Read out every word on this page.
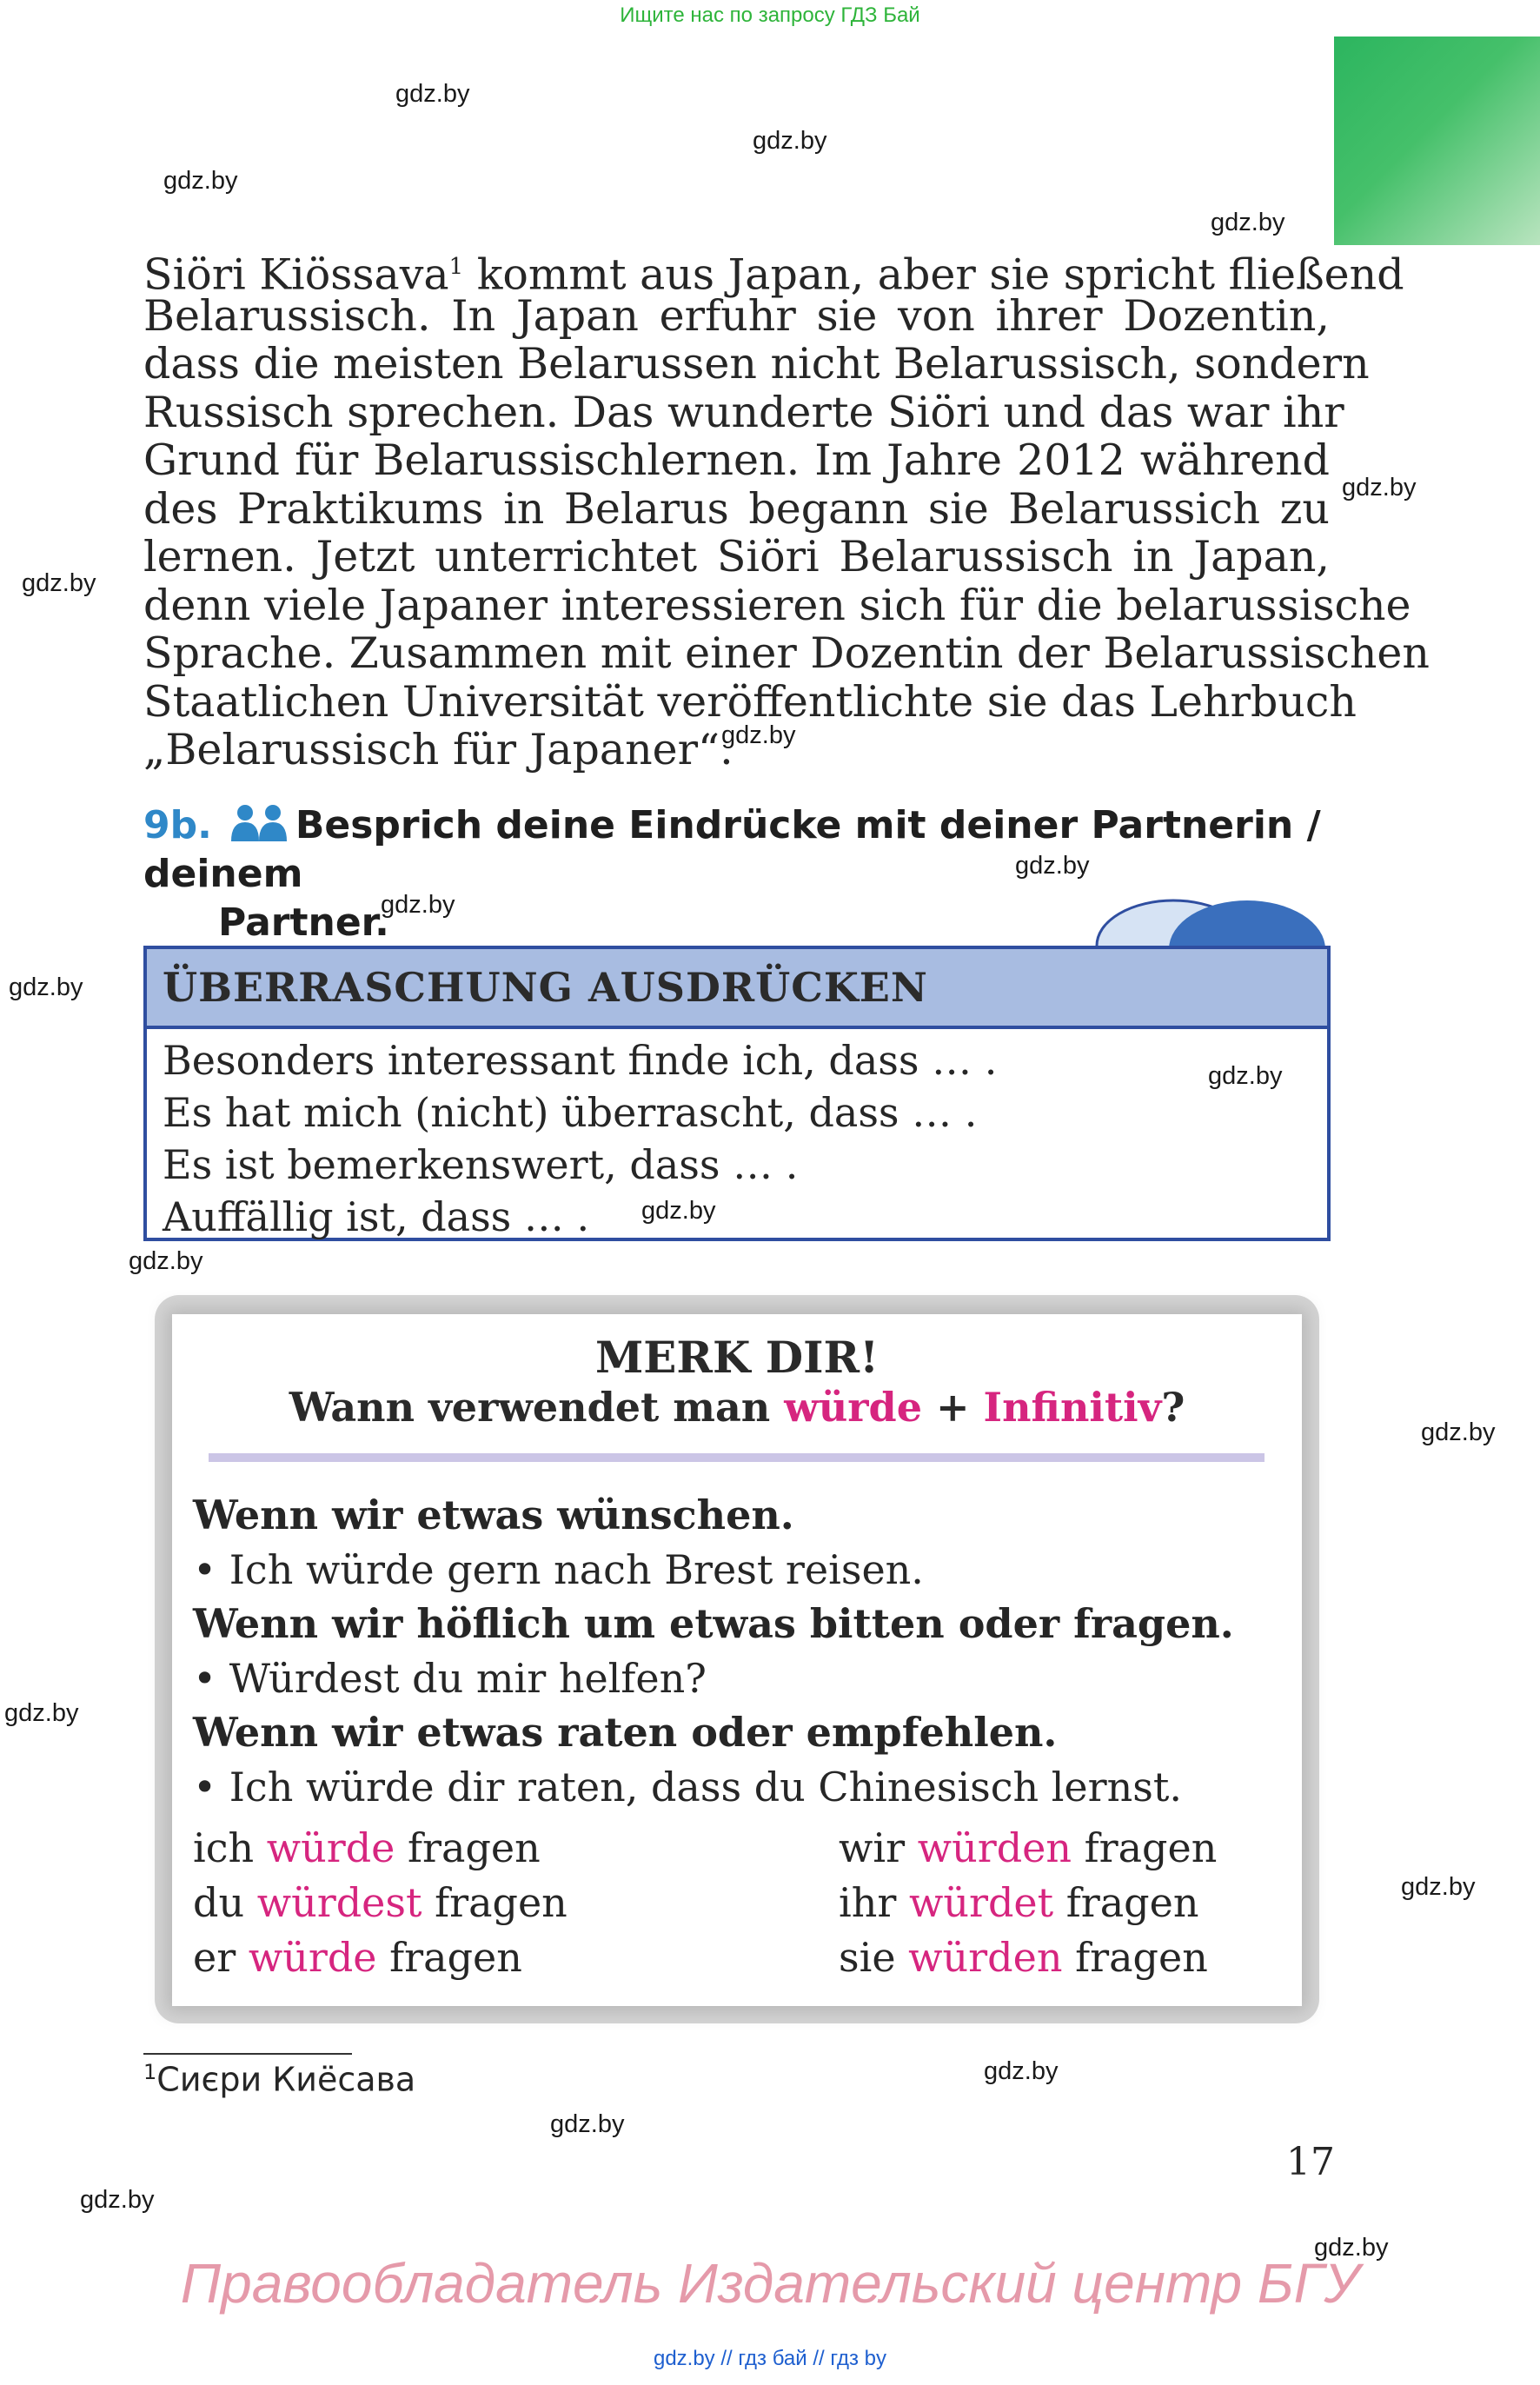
Ищите нас по запросу ГДЗ Бай
gdz.by
gdz.by
gdz.by
gdz.by
gdz.by
gdz.by
gdz.by
gdz.by
gdz.by
gdz.by
gdz.by
gdz.by
gdz.by
gdz.by
gdz.by
gdz.by
gdz.by
gdz.by
gdz.by
gdz.by
Siöri Kiössava$^1$ kommt aus Japan, aber sie spricht fließend
Belarussisch. In Japan erfuhr sie von ihrer Dozentin,
dass die meisten Belarussen nicht Belarussisch, sondern
Russisch sprechen. Das wunderte Siöri und das war ihr
Grund für Belarussischlernen. Im Jahre 2012 während
des Praktikums in Belarus begann sie Belarussich zu
lernen. Jetzt unterrichtet Siöri Belarussisch in Japan,
denn viele Japaner interessieren sich für die belarussische
Sprache. Zusammen mit einer Dozentin der Belarussischen
Staatlichen Universität veröffentlichte sie das Lehrbuch
„Belarussisch für Japaner“.
9b. Besprich deine Eindrücke mit deiner Partnerin / deinem
Partner.
ÜBERRASCHUNG AUSDRÜCKEN
Besonders interessant finde ich, dass … .
Es hat mich (nicht) überrascht, dass … .
Es ist bemerkenswert, dass … .
Auffällig ist, dass … .
MERK DIR!
Wann verwendet man würde + Infinitiv?
Wenn wir etwas wünschen.
• Ich würde gern nach Brest reisen.
Wenn wir höflich um etwas bitten oder fragen.
• Würdest du mir helfen?
Wenn wir etwas raten oder empfehlen.
• Ich würde dir raten, dass du Chinesisch lernst.
ich würde fragen
du würdest fragen
er würde fragen
wir würden fragen
ihr würdet fragen
sie würden fragen
$^1$Сиєри Киёсава
17
Правообладатель Издательский центр БГУ
gdz.by // гдз бай // гдз by
